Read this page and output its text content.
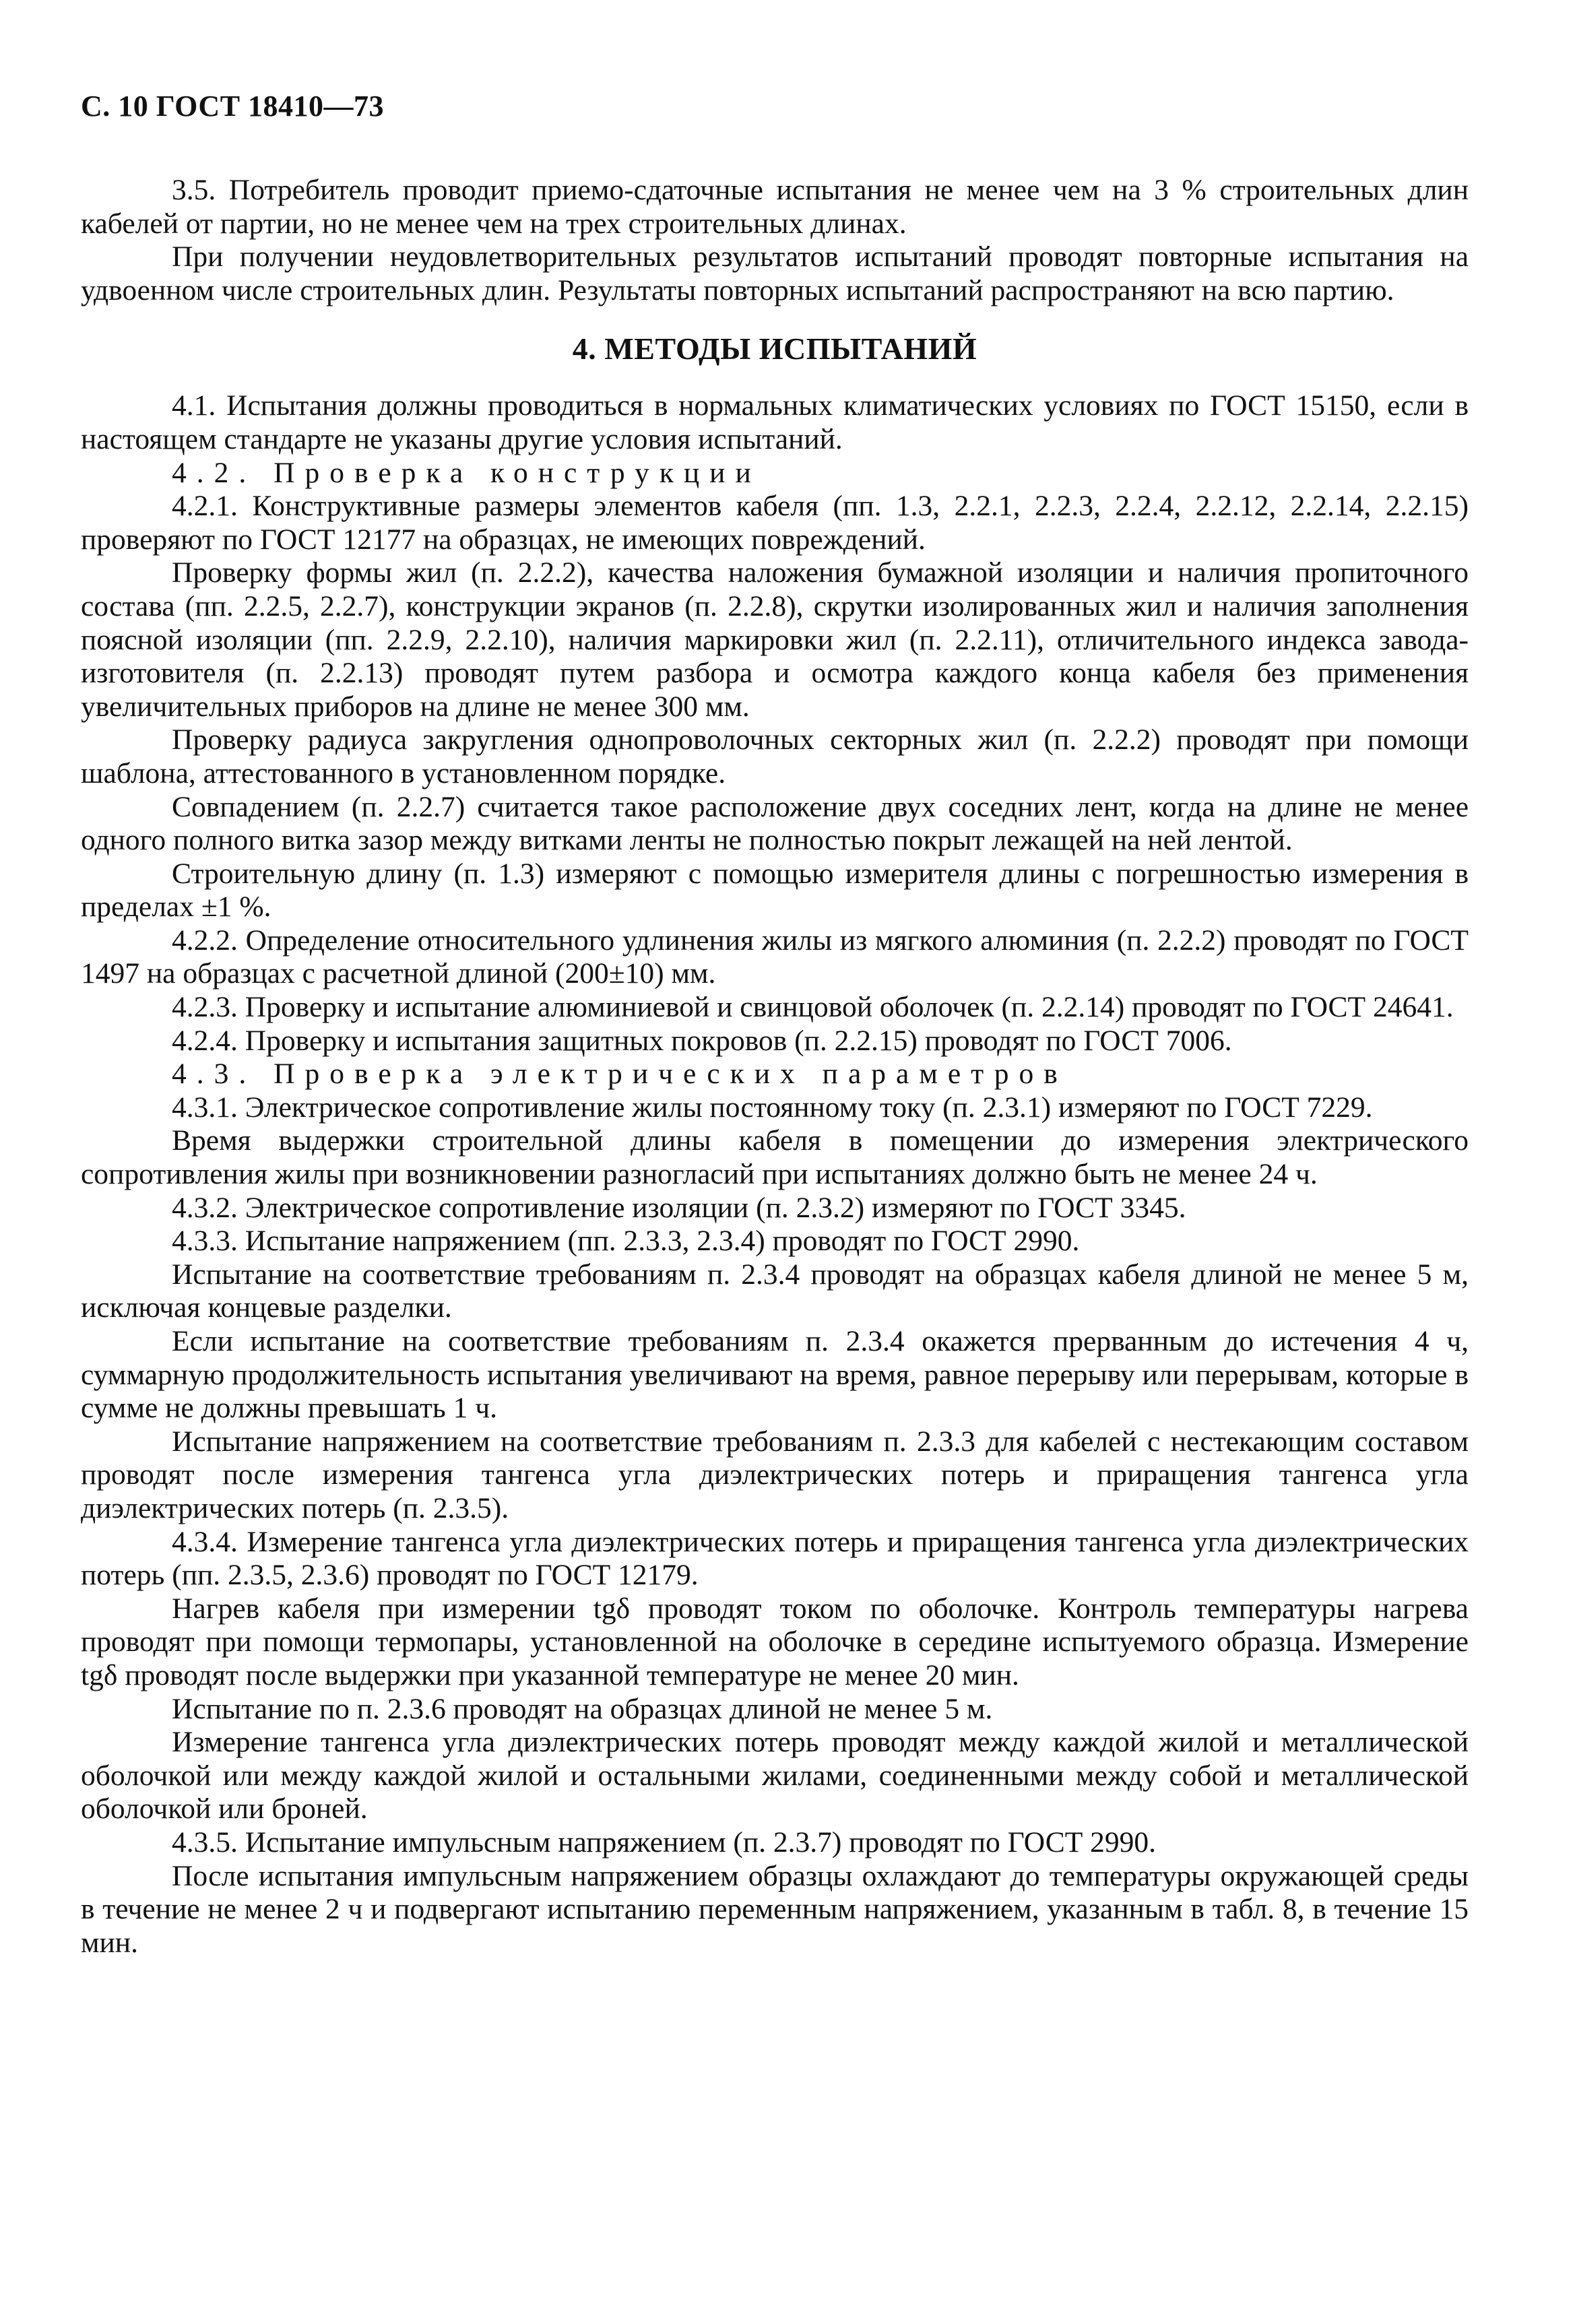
С. 10 ГОСТ 18410—73

3.5. Потребитель проводит приемо-сдаточные испытания не менее чем на 3 % строительных длин кабелей от партии, но не менее чем на трех строительных длинах.

При получении неудовлетворительных результатов испытаний проводят повторные испытания на удвоенном числе строительных длин. Результаты повторных испытаний распространяют на всю партию.

4. МЕТОДЫ ИСПЫТАНИЙ

4.1. Испытания должны проводиться в нормальных климатических условиях по ГОСТ 15150, если в настоящем стандарте не указаны другие условия испытаний.

4.2. Проверка конструкции

4.2.1. Конструктивные размеры элементов кабеля (пп. 1.3, 2.2.1, 2.2.3, 2.2.4, 2.2.12, 2.2.14, 2.2.15) проверяют по ГОСТ 12177 на образцах, не имеющих повреждений.

Проверку формы жил (п. 2.2.2), качества наложения бумажной изоляции и наличия пропиточного состава (пп. 2.2.5, 2.2.7), конструкции экранов (п. 2.2.8), скрутки изолированных жил и наличия заполнения поясной изоляции (пп. 2.2.9, 2.2.10), наличия маркировки жил (п. 2.2.11), отличительного индекса завода-изготовителя (п. 2.2.13) проводят путем разбора и осмотра каждого конца кабеля без применения увеличительных приборов на длине не менее 300 мм.

Проверку радиуса закругления однопроволочных секторных жил (п. 2.2.2) проводят при помощи шаблона, аттестованного в установленном порядке.

Совпадением (п. 2.2.7) считается такое расположение двух соседних лент, когда на длине не менее одного полного витка зазор между витками ленты не полностью покрыт лежащей на ней лентой.

Строительную длину (п. 1.3) измеряют с помощью измерителя длины с погрешностью измерения в пределах ±1 %.

4.2.2. Определение относительного удлинения жилы из мягкого алюминия (п. 2.2.2) проводят по ГОСТ 1497 на образцах с расчетной длиной (200±10) мм.

4.2.3. Проверку и испытание алюминиевой и свинцовой оболочек (п. 2.2.14) проводят по ГОСТ 24641.

4.2.4. Проверку и испытания защитных покровов (п. 2.2.15) проводят по ГОСТ 7006.

4.3. Проверка электрических параметров

4.3.1. Электрическое сопротивление жилы постоянному току (п. 2.3.1) измеряют по ГОСТ 7229.

Время выдержки строительной длины кабеля в помещении до измерения электрического сопротивления жилы при возникновении разногласий при испытаниях должно быть не менее 24 ч.

4.3.2. Электрическое сопротивление изоляции (п. 2.3.2) измеряют по ГОСТ 3345.

4.3.3. Испытание напряжением (пп. 2.3.3, 2.3.4) проводят по ГОСТ 2990.

Испытание на соответствие требованиям п. 2.3.4 проводят на образцах кабеля длиной не менее 5 м, исключая концевые разделки.

Если испытание на соответствие требованиям п. 2.3.4 окажется прерванным до истечения 4 ч, суммарную продолжительность испытания увеличивают на время, равное перерыву или перерывам, которые в сумме не должны превышать 1 ч.

Испытание напряжением на соответствие требованиям п. 2.3.3 для кабелей с нестекающим составом проводят после измерения тангенса угла диэлектрических потерь и приращения тангенса угла диэлектрических потерь (п. 2.3.5).

4.3.4. Измерение тангенса угла диэлектрических потерь и приращения тангенса угла диэлектрических потерь (пп. 2.3.5, 2.3.6) проводят по ГОСТ 12179.

Нагрев кабеля при измерении tgδ проводят током по оболочке. Контроль температуры нагрева проводят при помощи термопары, установленной на оболочке в середине испытуемого образца. Измерение tgδ проводят после выдержки при указанной температуре не менее 20 мин.

Испытание по п. 2.3.6 проводят на образцах длиной не менее 5 м.

Измерение тангенса угла диэлектрических потерь проводят между каждой жилой и металлической оболочкой или между каждой жилой и остальными жилами, соединенными между собой и металлической оболочкой или броней.

4.3.5. Испытание импульсным напряжением (п. 2.3.7) проводят по ГОСТ 2990.

После испытания импульсным напряжением образцы охлаждают до температуры окружающей среды в течение не менее 2 ч и подвергают испытанию переменным напряжением, указанным в табл. 8, в течение 15 мин.
